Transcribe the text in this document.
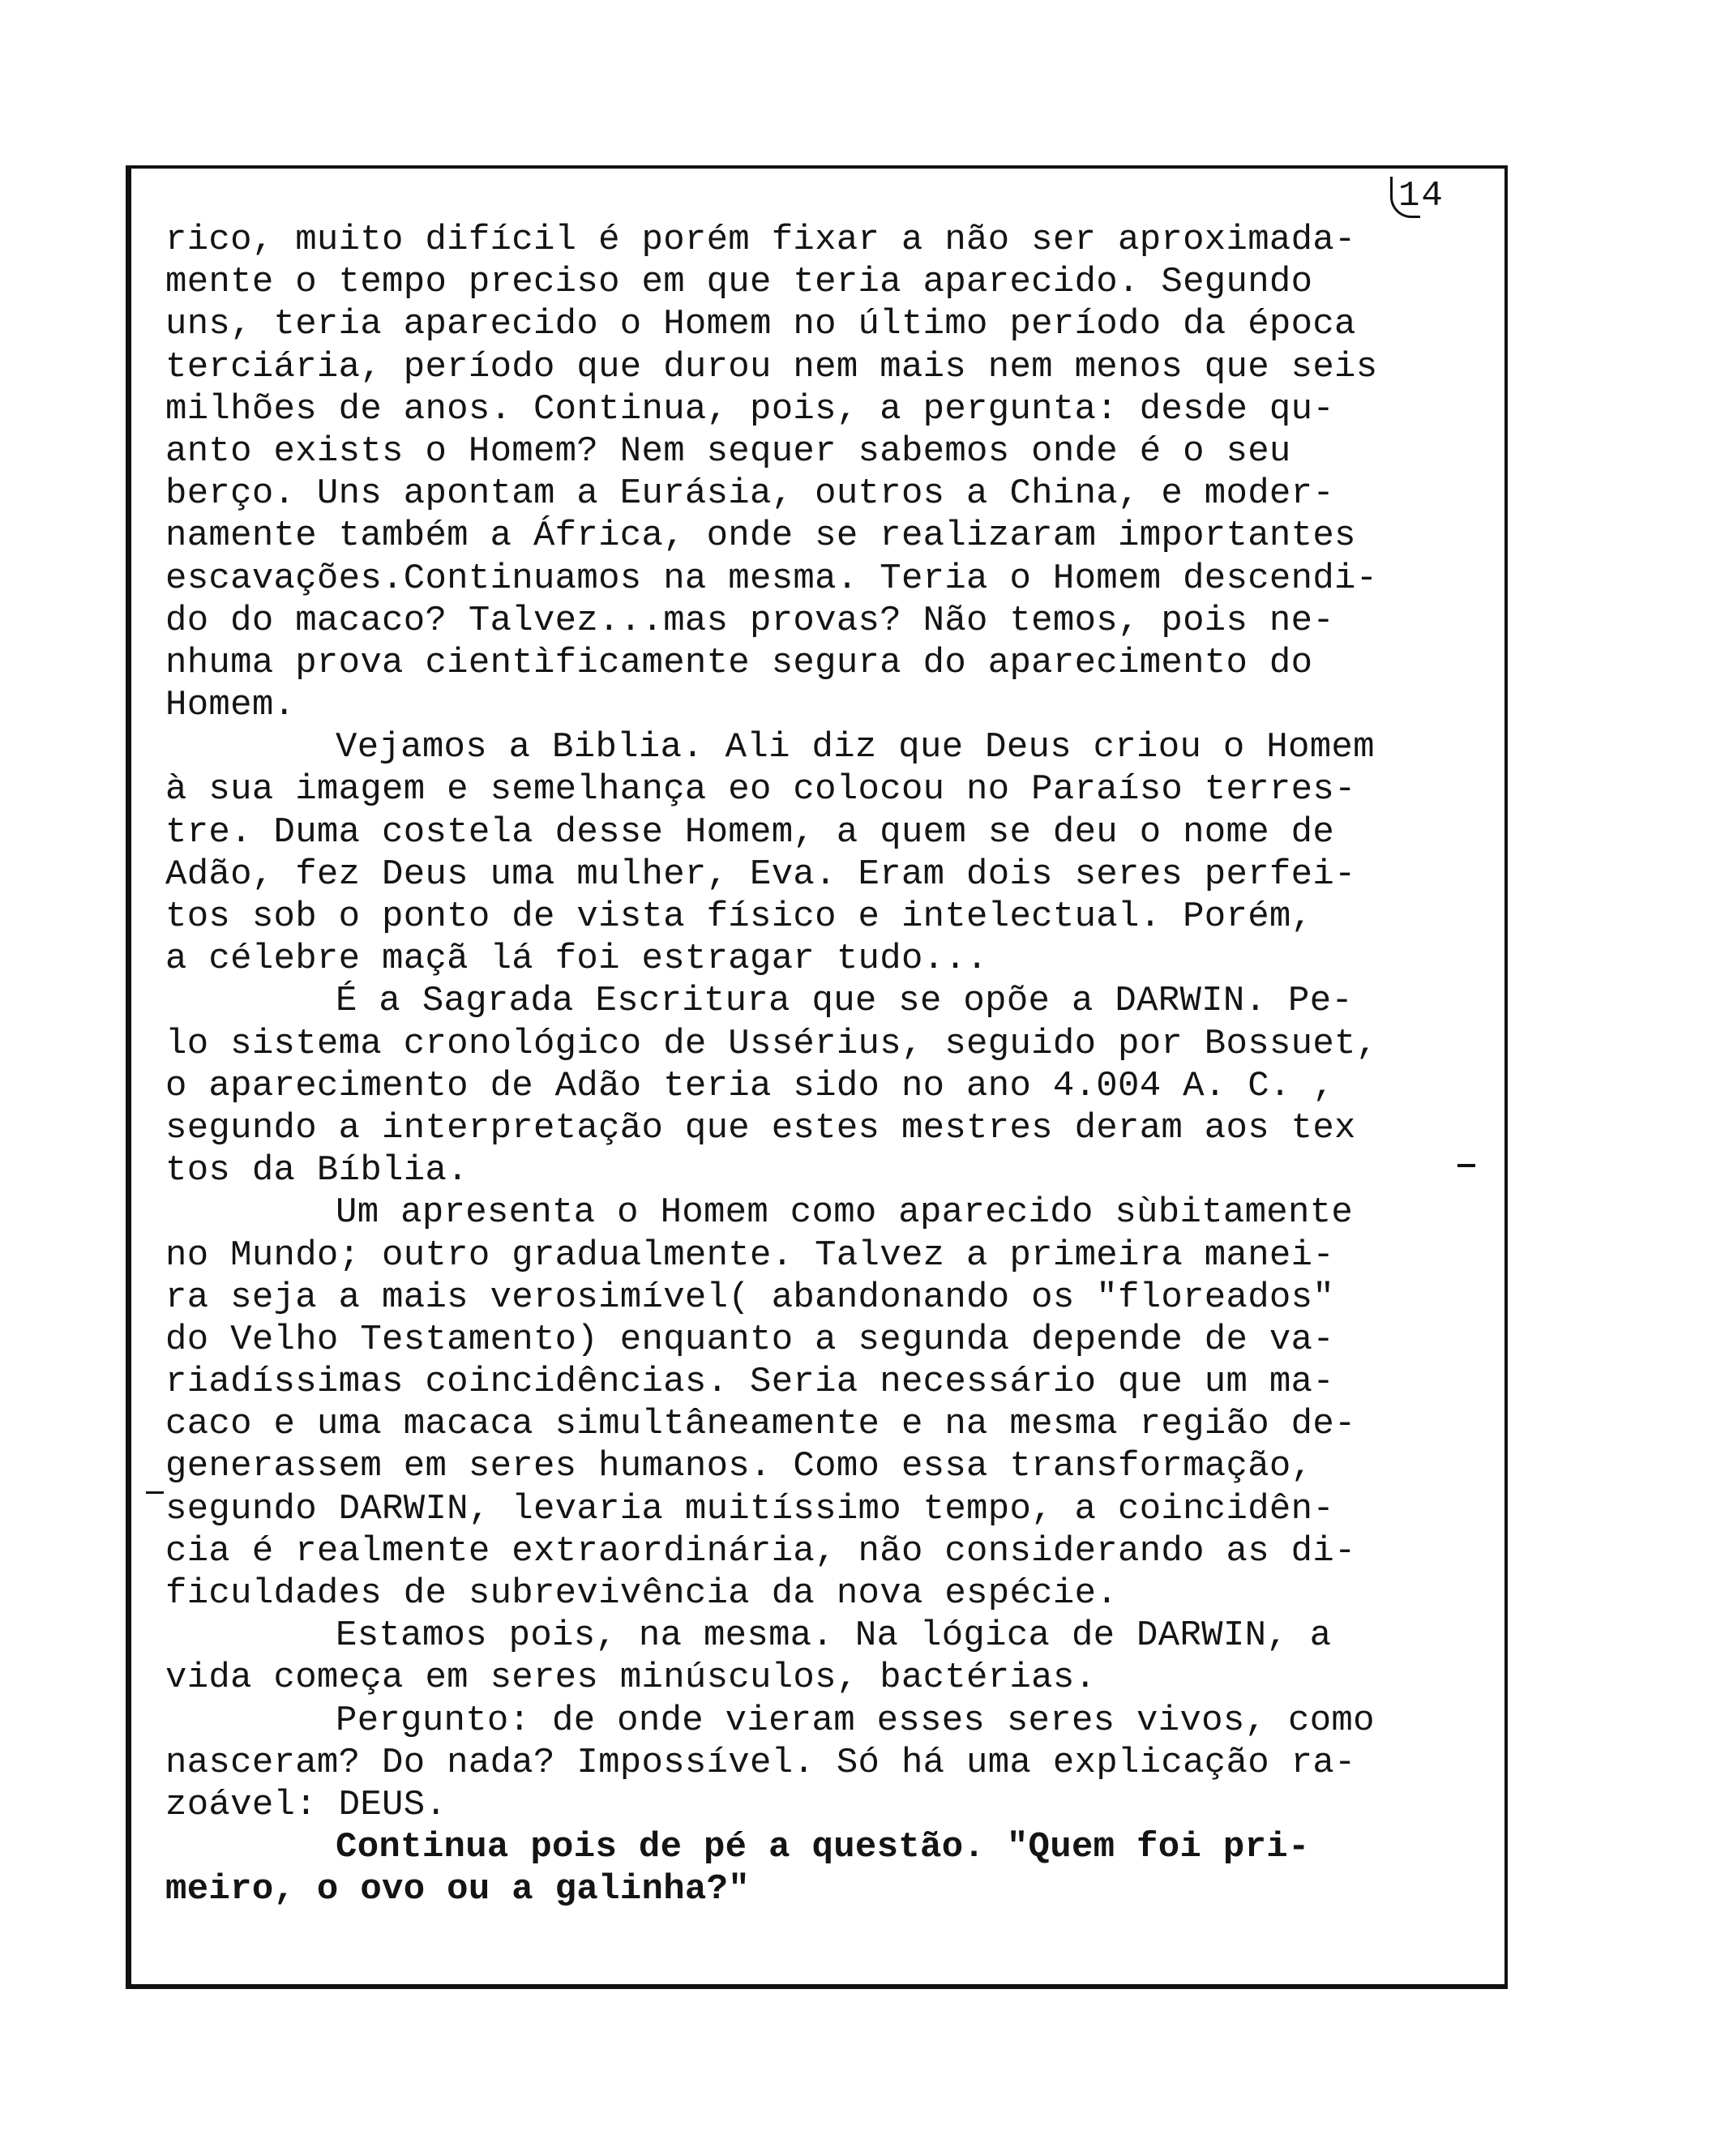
14
rico, muito difícil é porém fixar a não ser aproximada-
mente o tempo preciso em que teria aparecido. Segundo
uns, teria aparecido o Homem no último período da época
terciária, período que durou nem mais nem menos que seis
milhões de anos. Continua, pois, a pergunta: desde qu-
anto exists o Homem? Nem sequer sabemos onde é o seu
berço. Uns apontam a Eurásia, outros a China, e moder-
namente também a África, onde se realizaram importantes
escavações.Continuamos na mesma. Teria o Homem descendi-
do do macaco? Talvez...mas provas? Não temos, pois ne-
nhuma prova cientìficamente segura do aparecimento do
Homem.
Vejamos a Biblia. Ali diz que Deus criou o Homem
à sua imagem e semelhança eo colocou no Paraíso terres-
tre. Duma costela desse Homem, a quem se deu o nome de
Adão, fez Deus uma mulher, Eva. Eram dois seres perfei-
tos sob o ponto de vista físico e intelectual. Porém,
a célebre maçã lá foi estragar tudo...
É a Sagrada Escritura que se opõe a DARWIN. Pe-
lo sistema cronológico de Ussérius, seguido por Bossuet,
o aparecimento de Adão teria sido no ano 4.004 A. C. ,
segundo a interpretação que estes mestres deram aos tex
tos da Bíblia.
Um apresenta o Homem como aparecido sùbitamente
no Mundo; outro gradualmente. Talvez a primeira manei-
ra seja a mais verosimível( abandonando os "floreados"
do Velho Testamento) enquanto a segunda depende de va-
riadíssimas coincidências. Seria necessário que um ma-
caco e uma macaca simultâneamente e na mesma região de-
generassem em seres humanos. Como essa transformação,
segundo DARWIN, levaria muitíssimo tempo, a coincidên-
cia é realmente extraordinária, não considerando as di-
ficuldades de subrevivência da nova espécie.
Estamos pois, na mesma. Na lógica de DARWIN, a
vida começa em seres minúsculos, bactérias.
Pergunto: de onde vieram esses seres vivos, como
nasceram? Do nada? Impossível. Só há uma explicação ra-
zoável: DEUS.
Continua pois de pé a questão. "Quem foi pri-
meiro, o ovo ou a galinha?"
